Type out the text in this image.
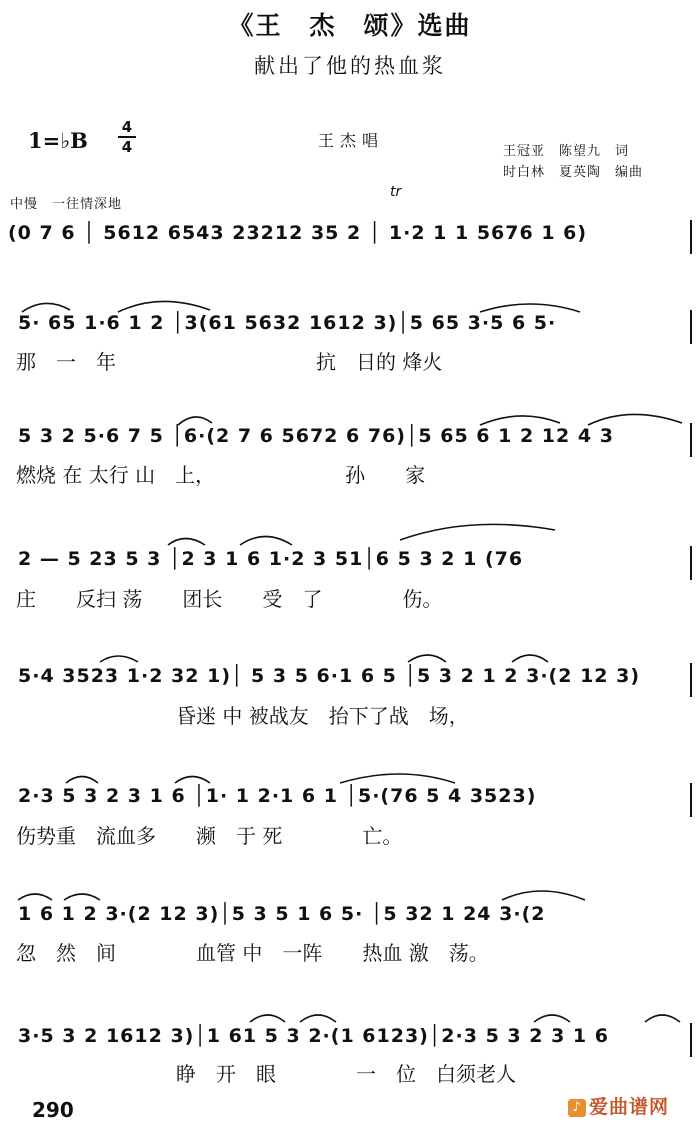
《王　杰　颂》选曲
献出了他的热血浆
1=♭B
4
4	王杰唱
王冠亚　陈望九　词
时白林　夏英陶　编曲
中慢　一往情深地
tr
(0 7 6 │ 5612 6543 23212 35 2 │ 1·2 1 1 5676 1 6)
5· 65 1·6 1 2 │3(61 5632 1612 3)│5 65 3·5 6 5·
那　一　年　　　　　　　　　　抗　日的 烽火
5 3 2 5·6 7 5 │6·(2 7 6 5672 6 76)│5 65 6 1 2 12 4 3
燃烧 在 太行 山　上，　　　　　　　孙　　家
2 — 5 23 5 3 │2 3 1 6 1·2 3 51│6 5 3 2 1 (76
庄　　反扫 荡　　团长　　受　了　　　　伤。
5·4 3523 1·2 32 1)│ 5 3 5 6·1 6 5 │5 3 2 1 2 3·(2 12 3)
　　　　　　　　昏迷 中 被战友　抬下了战　场，
2·3 5 3 2 3 1 6 │1· 1 2·1 6 1 │5·(76 5 4 3523)
伤势重　流血多　　濒　于 死　　　　亡。
1 6 1 2 3·(2 12 3)│5 3 5 1 6 5· │5 32 1 24 3·(2
忽　然　间　　　　血管 中　一阵　　热血 激　荡。
3·5 3 2 1612 3)│1 61 5 3 2·(1 6123)│2·3 5 3 2 3 1 6
　　　　　　　　睁　开　眼　　　　一　位　白须老人
290	♪ 爱曲谱网
